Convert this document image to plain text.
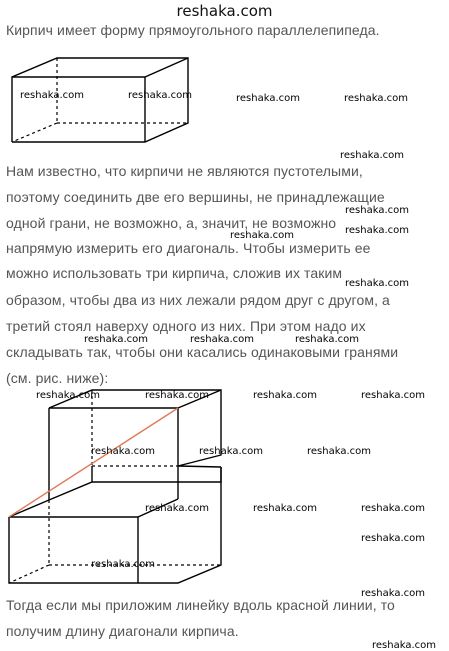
reshaka.com
Кирпич имеет форму прямоугольного параллелепипеда.
Нам известно, что кирпичи не являются пустотелыми,
поэтому соединить две его вершины, не принадлежащие
одной грани, не возможно, а, значит, не возможно
напрямую измерить его диагональ. Чтобы измерить ее
можно использовать три кирпича, сложив их таким
образом, чтобы два из них лежали рядом друг с другом, а
третий стоял наверху одного из них. При этом надо их
складывать так, чтобы они касались одинаковыми гранями
(см. рис. ниже):
Тогда если мы приложим линейку вдоль красной линии, то
получим длину диагонали кирпича.
reshaka.com	reshaka.com	reshaka.com	reshaka.com
reshaka.com
reshaka.com
reshaka.com	reshaka.com
reshaka.com
reshaka.com	reshaka.com
reshaka.com
reshaka.com	reshaka.com	reshaka.com	reshaka.com
reshaka.com	reshaka.com	reshaka.com
reshaka.com	reshaka.com	reshaka.com
reshaka.com
reshaka.com
reshaka.com
reshaka.com
